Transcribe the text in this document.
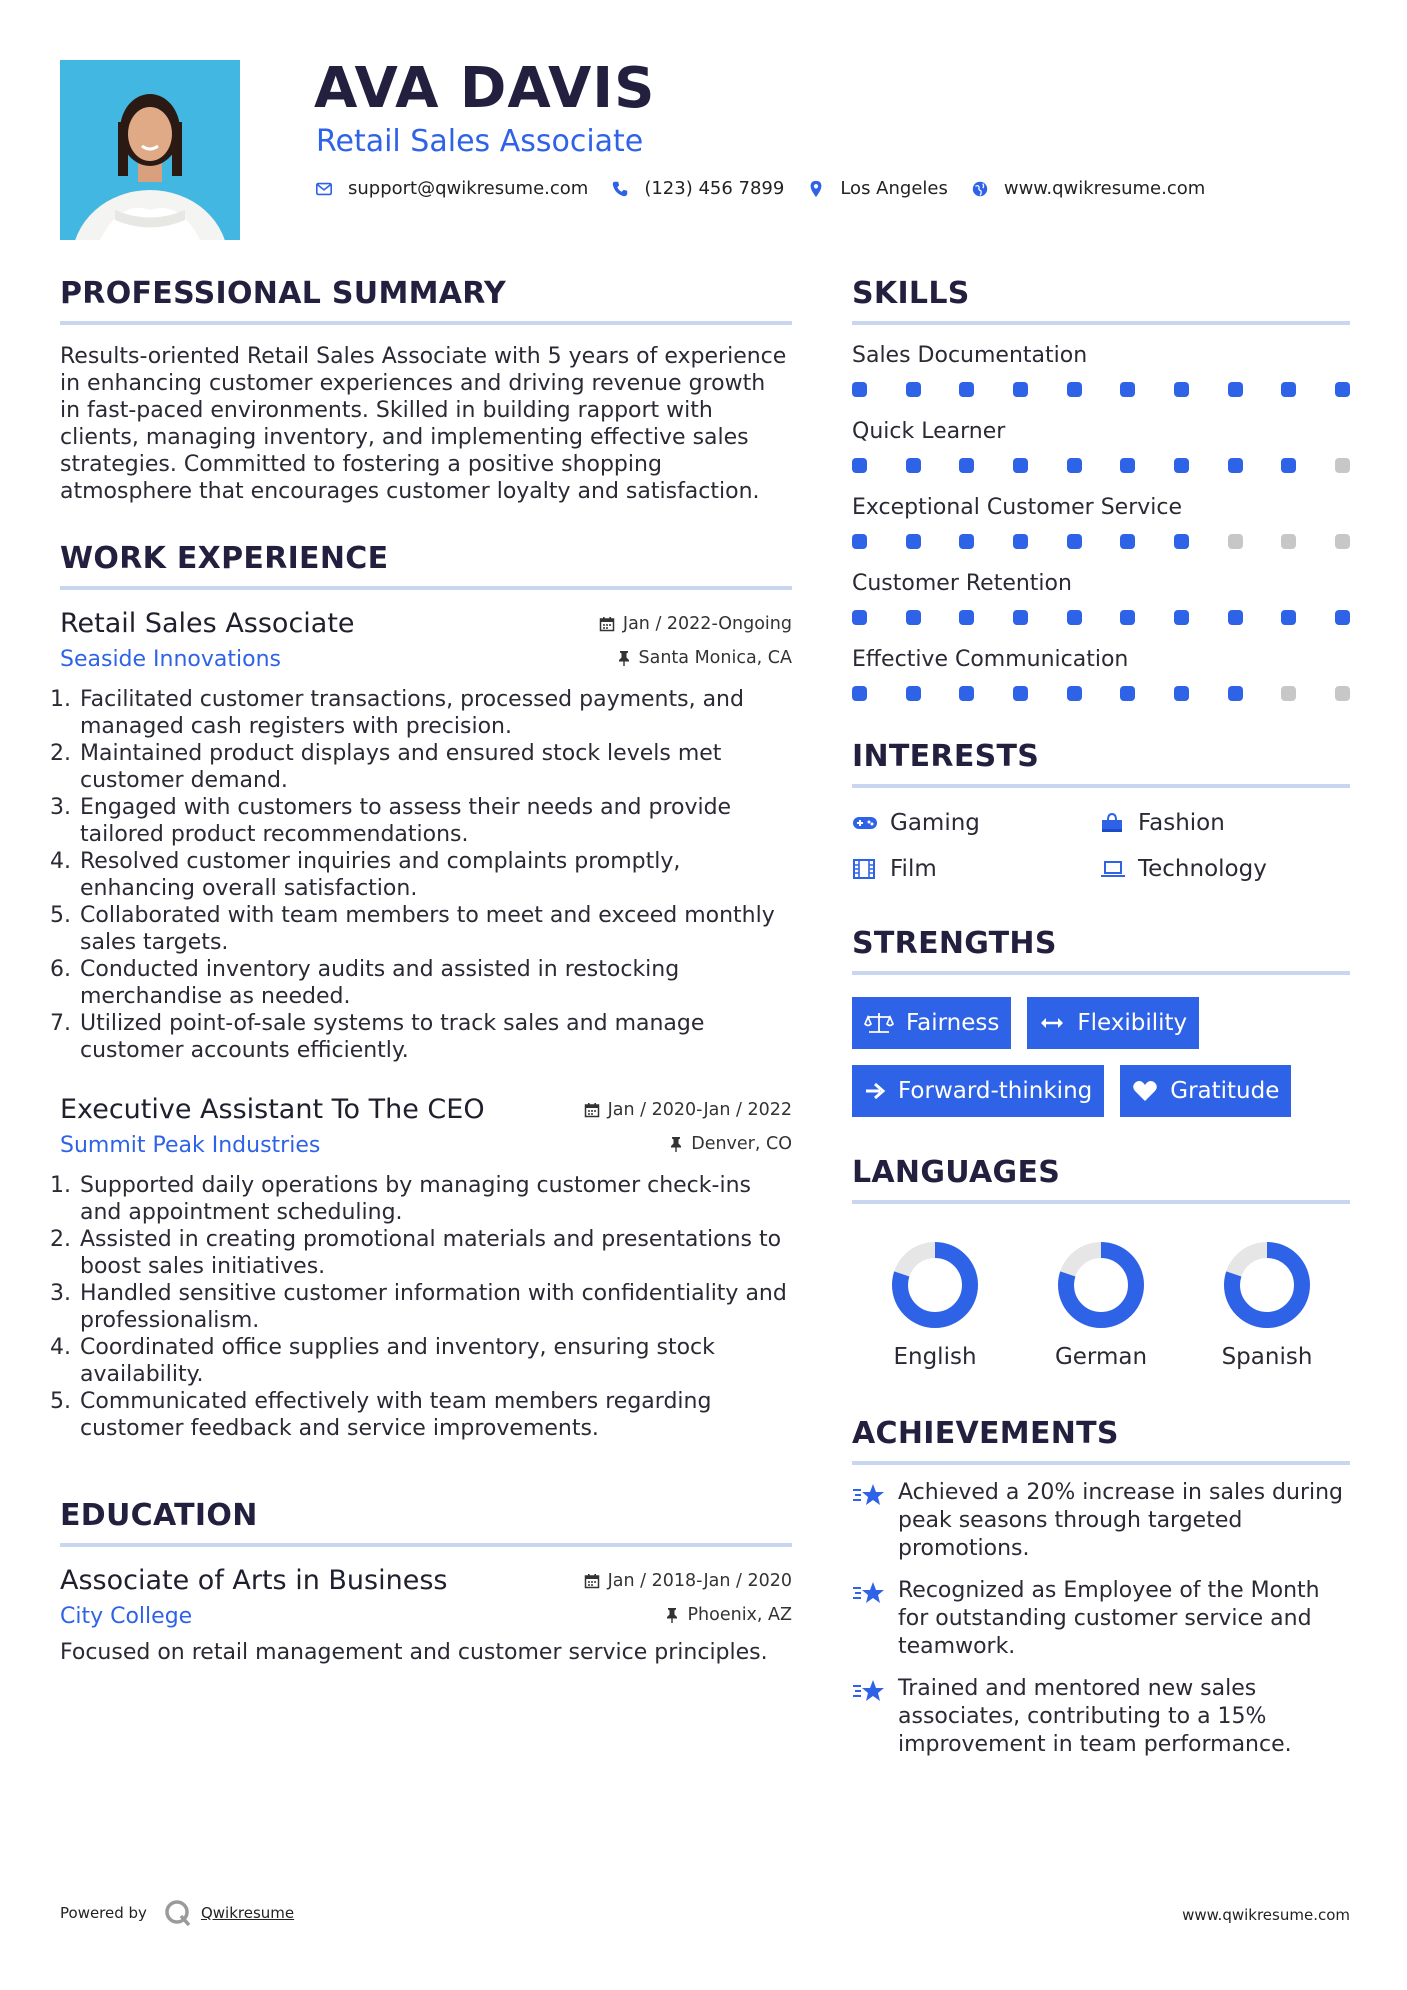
AVA DAVIS
Retail Sales Associate
support@qwikresume.com	(123) 456 7899	Los Angeles	www.qwikresume.com
PROFESSIONAL SUMMARY

Results-oriented Retail Sales Associate with 5 years of experience in enhancing customer experiences and driving revenue growth in fast-paced environments. Skilled in building rapport with clients, managing inventory, and implementing effective sales strategies. Committed to fostering a positive shopping atmosphere that encourages customer loyalty and satisfaction.

WORK EXPERIENCE
Retail Sales Associate	Jan / 2022-Ongoing
Seaside Innovations	Santa Monica, CA
1. Facilitated customer transactions, processed payments, and managed cash registers with precision.
2. Maintained product displays and ensured stock levels met customer demand.
3. Engaged with customers to assess their needs and provide tailored product recommendations.
4. Resolved customer inquiries and complaints promptly, enhancing overall satisfaction.
5. Collaborated with team members to meet and exceed monthly sales targets.
6. Conducted inventory audits and assisted in restocking merchandise as needed.
7. Utilized point-of-sale systems to track sales and manage customer accounts efficiently.
Executive Assistant To The CEO	Jan / 2020-Jan / 2022
Summit Peak Industries	Denver, CO
1. Supported daily operations by managing customer check-ins and appointment scheduling.
2. Assisted in creating promotional materials and presentations to boost sales initiatives.
3. Handled sensitive customer information with confidentiality and professionalism.
4. Coordinated office supplies and inventory, ensuring stock availability.
5. Communicated effectively with team members regarding customer feedback and service improvements.
EDUCATION
Associate of Arts in Business	Jan / 2018-Jan / 2020
City College	Phoenix, AZ

Focused on retail management and customer service principles.

SKILLS
Sales Documentation
Quick Learner
Exceptional Customer Service
Customer Retention
Effective Communication
INTERESTS
Gaming	Fashion
Film	Technology
STRENGTHS
Fairness	Flexibility
Forward-thinking	Gratitude
LANGUAGES
English	German	Spanish
ACHIEVEMENTS
Achieved a 20% increase in sales during peak seasons through targeted promotions.
Recognized as Employee of the Month for outstanding customer service and teamwork.
Trained and mentored new sales associates, contributing to a 15% improvement in team performance.
Powered by	Qwikresume	www.qwikresume.com
